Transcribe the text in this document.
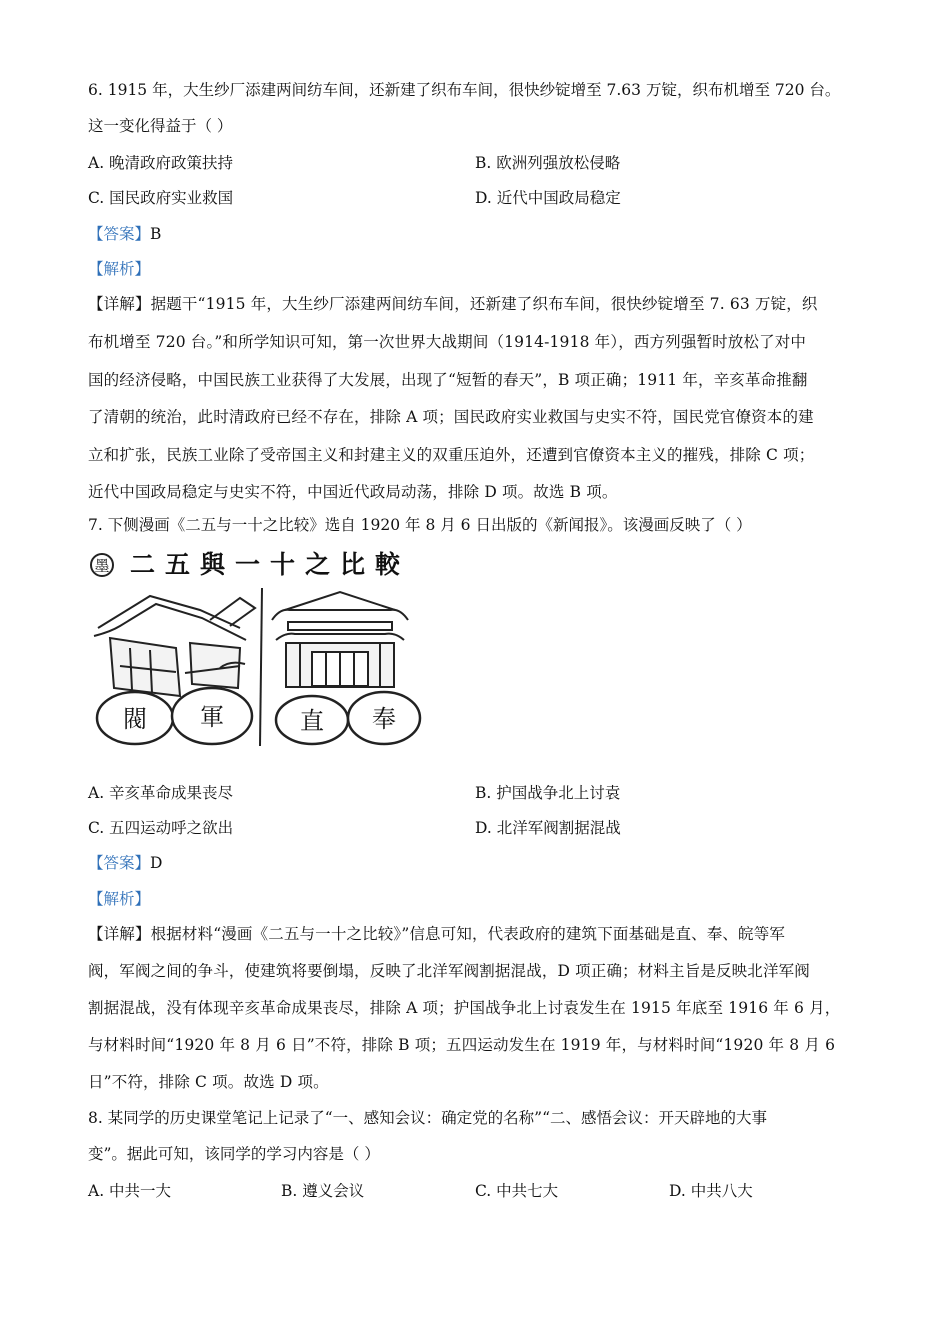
6. 1915 年，大生纱厂添建两间纺车间，还新建了织布车间，很快纱锭增至 7.63 万锭，织布机增至 720 台。
这一变化得益于（ ）
A. 晚清政府政策扶持	B. 欧洲列强放松侵略
C. 国民政府实业救国	D. 近代中国政局稳定
【答案】B
【解析】
【详解】据题干“1915 年，大生纱厂添建两间纺车间，还新建了织布车间，很快纱锭增至 7. 63 万锭，织
布机增至 720 台。”和所学知识可知，第一次世界大战期间（1914-1918 年），西方列强暂时放松了对中
国的经济侵略，中国民族工业获得了大发展，出现了“短暂的春天”，B 项正确；1911 年，辛亥革命推翻
了清朝的统治，此时清政府已经不存在，排除 A 项；国民政府实业救国与史实不符，国民党官僚资本的建
立和扩张，民族工业除了受帝国主义和封建主义的双重压迫外，还遭到官僚资本主义的摧残，排除 C 项；
近代中国政局稳定与史实不符，中国近代政局动荡，排除 D 项。故选 B 项。
7. 下侧漫画《二五与一十之比较》选自 1920 年 8 月 6 日出版的《新闻报》。该漫画反映了（ ）
墨 二五與一十之比較
閥 軍	直 奉
A. 辛亥革命成果丧尽	B. 护国战争北上讨袁
C. 五四运动呼之欲出	D. 北洋军阀割据混战
【答案】D
【解析】
【详解】根据材料“漫画《二五与一十之比较》”信息可知，代表政府的建筑下面基础是直、奉、皖等军
阀，军阀之间的争斗，使建筑将要倒塌，反映了北洋军阀割据混战，D 项正确；材料主旨是反映北洋军阀
割据混战，没有体现辛亥革命成果丧尽，排除 A 项；护国战争北上讨袁发生在 1915 年底至 1916 年 6 月，
与材料时间“1920 年 8 月 6 日”不符，排除 B 项；五四运动发生在 1919 年，与材料时间“1920 年 8 月 6
日”不符，排除 C 项。故选 D 项。
8. 某同学的历史课堂笔记上记录了“一、感知会议：确定党的名称”“二、感悟会议：开天辟地的大事
变”。据此可知，该同学的学习内容是（ ）
A. 中共一大	B. 遵义会议	C. 中共七大	D. 中共八大
